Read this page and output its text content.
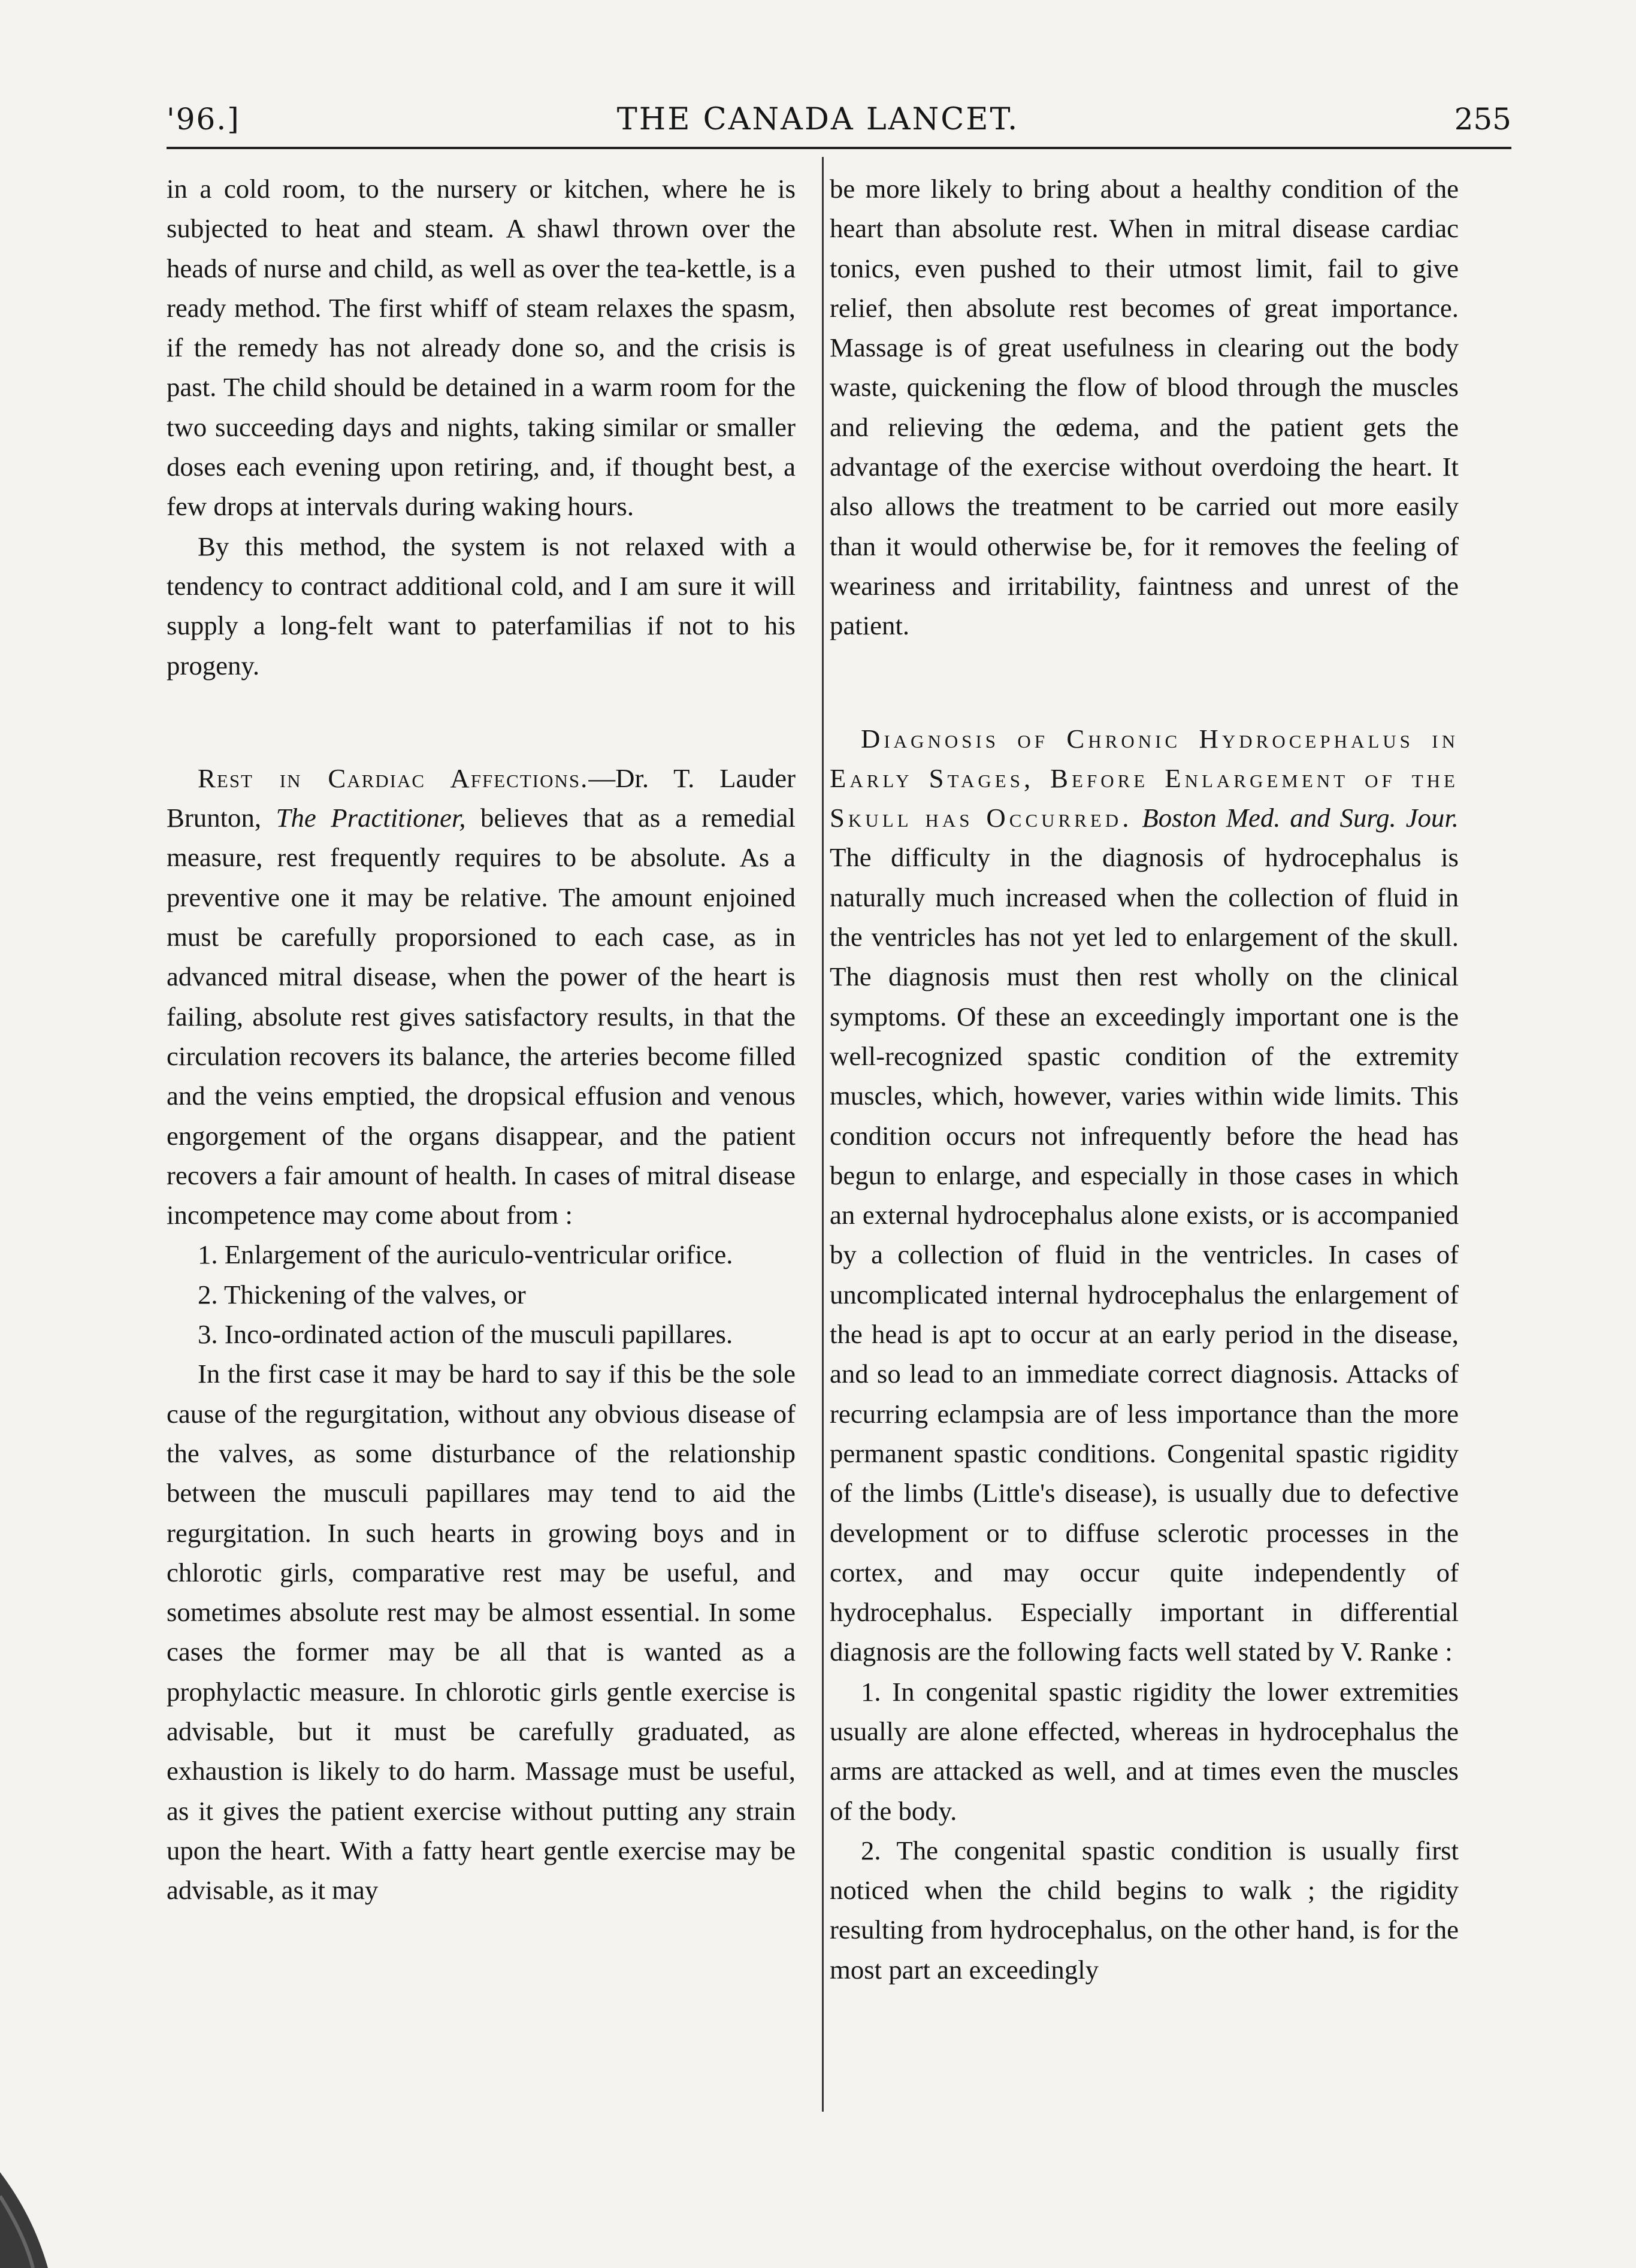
'96.]	THE CANADA LANCET.	255

in a cold room, to the nursery or kitchen, where he is subjected to heat and steam. A shawl thrown over the heads of nurse and child, as well as over the tea-kettle, is a ready method. The first whiff of steam relaxes the spasm, if the remedy has not already done so, and the crisis is past. The child should be detained in a warm room for the two succeeding days and nights, taking similar or smaller doses each evening upon retiring, and, if thought best, a few drops at intervals during waking hours.

By this method, the system is not relaxed with a tendency to contract additional cold, and I am sure it will supply a long-felt want to paterfamilias if not to his progeny.

Rest in Cardiac Affections.—Dr. T. Lauder Brunton, The Practitioner, believes that as a remedial measure, rest frequently requires to be absolute. As a preventive one it may be relative. The amount enjoined must be carefully proporsioned to each case, as in advanced mitral disease, when the power of the heart is failing, absolute rest gives satisfactory results, in that the circulation recovers its balance, the arteries become filled and the veins emptied, the dropsical effusion and venous engorgement of the organs disappear, and the patient recovers a fair amount of health. In cases of mitral disease incompetence may come about from :

1. Enlargement of the auriculo-ventricular orifice.

2. Thickening of the valves, or

3. Inco-ordinated action of the musculi papillares.

In the first case it may be hard to say if this be the sole cause of the regurgitation, without any obvious disease of the valves, as some disturbance of the relationship between the musculi papillares may tend to aid the regurgitation. In such hearts in growing boys and in chlorotic girls, comparative rest may be useful, and sometimes absolute rest may be almost essential. In some cases the former may be all that is wanted as a prophylactic measure. In chlorotic girls gentle exercise is advisable, but it must be carefully graduated, as exhaustion is likely to do harm. Massage must be useful, as it gives the patient exercise without putting any strain upon the heart. With a fatty heart gentle exercise may be advisable, as it may

be more likely to bring about a healthy condition of the heart than absolute rest. When in mitral disease cardiac tonics, even pushed to their utmost limit, fail to give relief, then absolute rest becomes of great importance. Massage is of great usefulness in clearing out the body waste, quickening the flow of blood through the muscles and relieving the œdema, and the patient gets the advantage of the exercise without overdoing the heart. It also allows the treatment to be carried out more easily than it would otherwise be, for it removes the feeling of weariness and irritability, faintness and unrest of the patient.

Diagnosis of Chronic Hydrocephalus in

Early Stages, Before Enlargement of the

Skull has Occurred. Boston Med. and Surg. Jour. The difficulty in the diagnosis of hydrocephalus is naturally much increased when the collection of fluid in the ventricles has not yet led to enlargement of the skull. The diagnosis must then rest wholly on the clinical symptoms. Of these an exceedingly important one is the well-recognized spastic condition of the extremity muscles, which, however, varies within wide limits. This condition occurs not infrequently before the head has begun to enlarge, and especially in those cases in which an external hydrocephalus alone exists, or is accompanied by a collection of fluid in the ventricles. In cases of uncomplicated internal hydrocephalus the enlargement of the head is apt to occur at an early period in the disease, and so lead to an immediate correct diagnosis. Attacks of recurring eclampsia are of less importance than the more permanent spastic conditions. Congenital spastic rigidity of the limbs (Little's disease), is usually due to defective development or to diffuse sclerotic processes in the cortex, and may occur quite independently of hydrocephalus. Especially important in differential diagnosis are the following facts well stated by V. Ranke :

1. In congenital spastic rigidity the lower extremities usually are alone effected, whereas in hydrocephalus the arms are attacked as well, and at times even the muscles of the body.

2. The congenital spastic condition is usually first noticed when the child begins to walk ; the rigidity resulting from hydrocephalus, on the other hand, is for the most part an exceedingly
